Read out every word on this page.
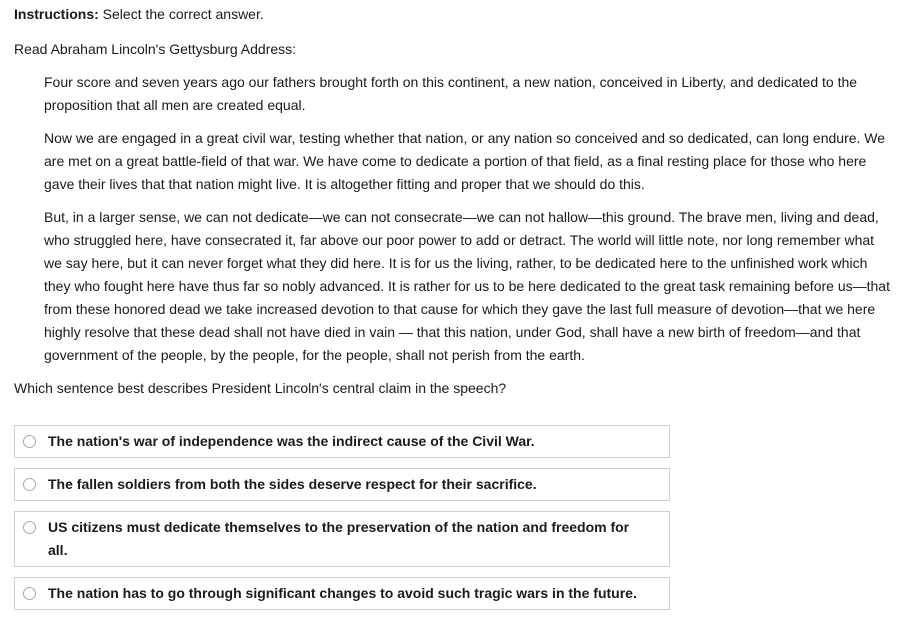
Instructions: Select the correct answer.
Read Abraham Lincoln's Gettysburg Address:

Four score and seven years ago our fathers brought forth on this continent, a new nation, conceived in Liberty, and dedicated to the proposition that all men are created equal.

Now we are engaged in a great civil war, testing whether that nation, or any nation so conceived and so dedicated, can long endure. We are met on a great battle-field of that war. We have come to dedicate a portion of that field, as a final resting place for those who here gave their lives that that nation might live. It is altogether fitting and proper that we should do this.

But, in a larger sense, we can not dedicate—we can not consecrate—we can not hallow—this ground. The brave men, living and dead, who struggled here, have consecrated it, far above our poor power to add or detract. The world will little note, nor long remember what we say here, but it can never forget what they did here. It is for us the living, rather, to be dedicated here to the unfinished work which they who fought here have thus far so nobly advanced. It is rather for us to be here dedicated to the great task remaining before us—that from these honored dead we take increased devotion to that cause for which they gave the last full measure of devotion—that we here highly resolve that these dead shall not have died in vain — that this nation, under God, shall have a new birth of freedom—and that government of the people, by the people, for the people, shall not perish from the earth.

Which sentence best describes President Lincoln's central claim in the speech?
The nation's war of independence was the indirect cause of the Civil War.
The fallen soldiers from both the sides deserve respect for their sacrifice.
US citizens must dedicate themselves to the preservation of the nation and freedom for all.
The nation has to go through significant changes to avoid such tragic wars in the future.
